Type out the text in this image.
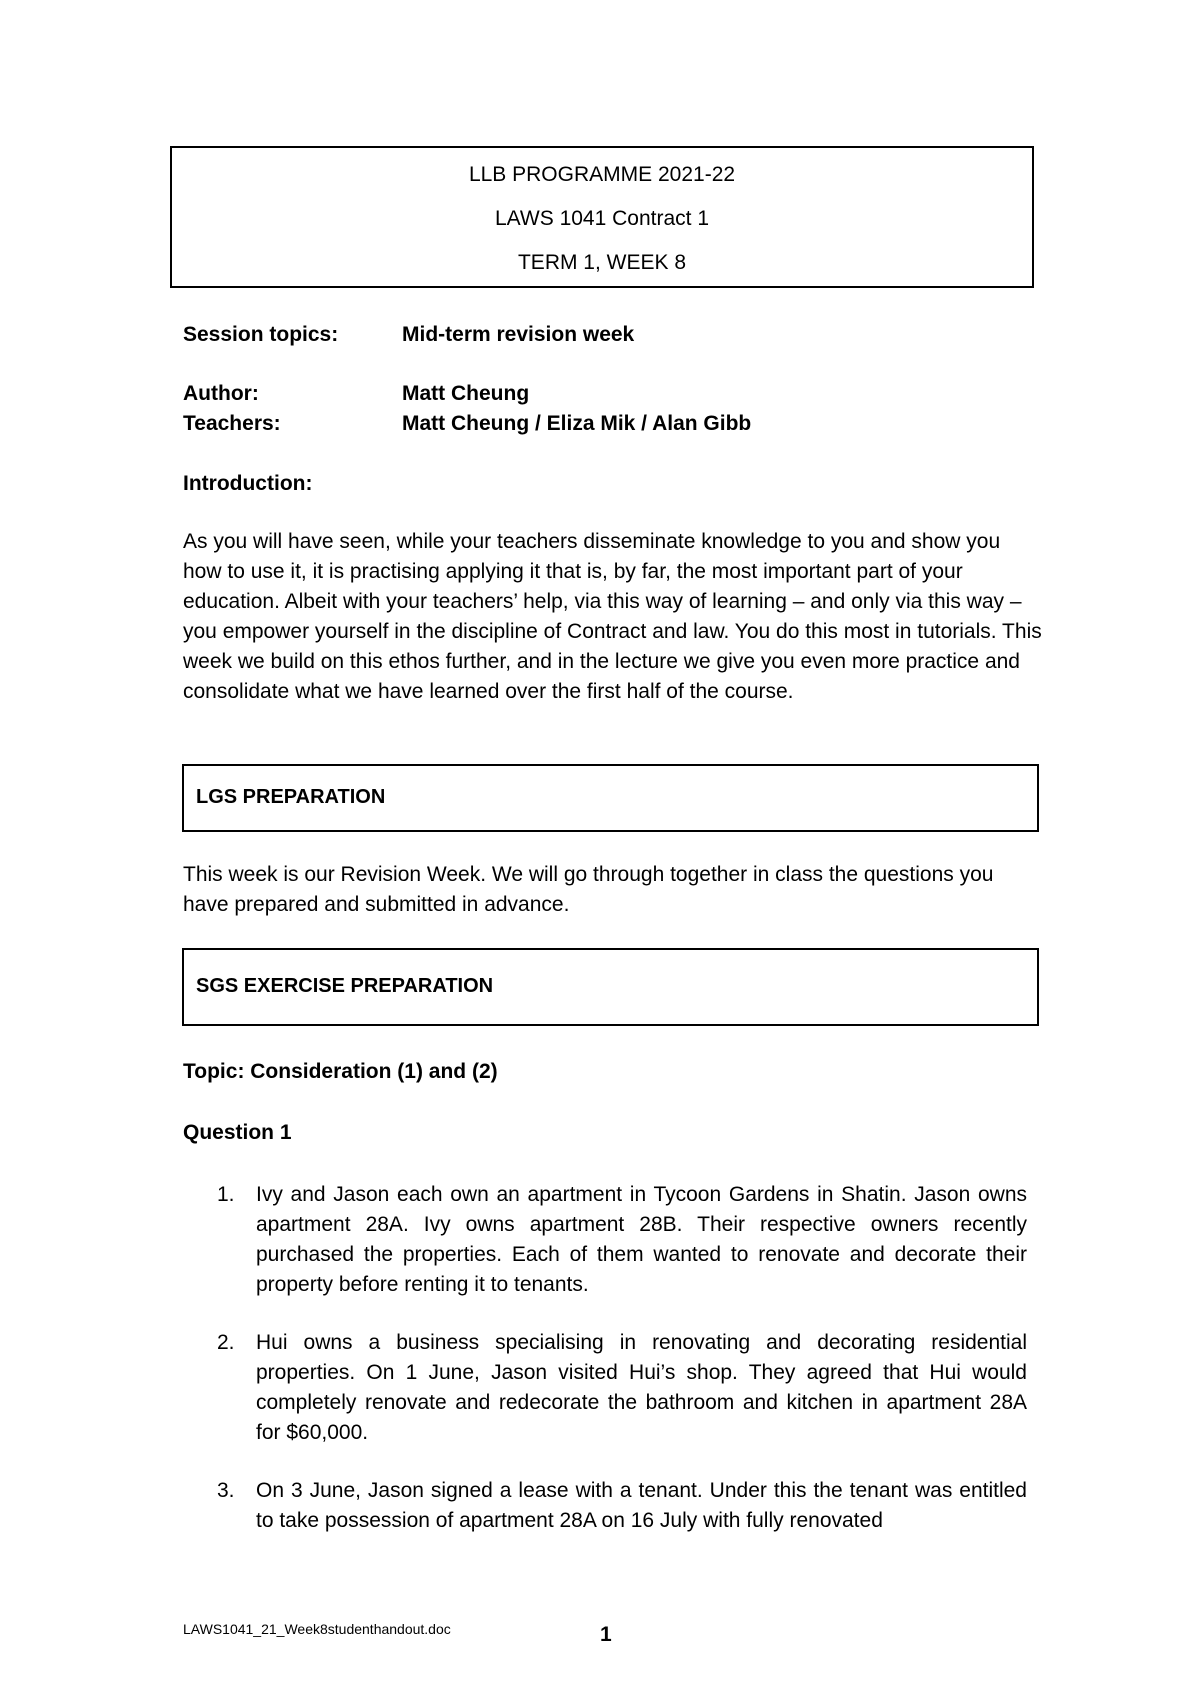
LLB PROGRAMME 2021-22
LAWS 1041 Contract 1
TERM 1, WEEK 8
Session topics:	Mid-term revision week
Author:	Matt Cheung
Teachers:	Matt Cheung / Eliza Mik / Alan Gibb
Introduction:
As you will have seen, while your teachers disseminate knowledge to you and show you how to use it, it is practising applying it that is, by far, the most important part of your education. Albeit with your teachers’ help, via this way of learning – and only via this way – you empower yourself in the discipline of Contract and law. You do this most in tutorials. This week we build on this ethos further, and in the lecture we give you even more practice and consolidate what we have learned over the first half of the course.
LGS PREPARATION
This week is our Revision Week. We will go through together in class the questions you have prepared and submitted in advance.
SGS EXERCISE PREPARATION
Topic: Consideration (1) and (2)
Question 1
1.	Ivy and Jason each own an apartment in Tycoon Gardens in Shatin. Jason owns apartment 28A. Ivy owns apartment 28B. Their respective owners recently purchased the properties. Each of them wanted to renovate and decorate their property before renting it to tenants.
2.	Hui owns a business specialising in renovating and decorating residential properties. On 1 June, Jason visited Hui’s shop. They agreed that Hui would completely renovate and redecorate the bathroom and kitchen in apartment 28A for $60,000.
3.	On 3 June, Jason signed a lease with a tenant. Under this the tenant was entitled to take possession of apartment 28A on 16 July with fully renovated
LAWS1041_21_Week8studenthandout.doc	1
